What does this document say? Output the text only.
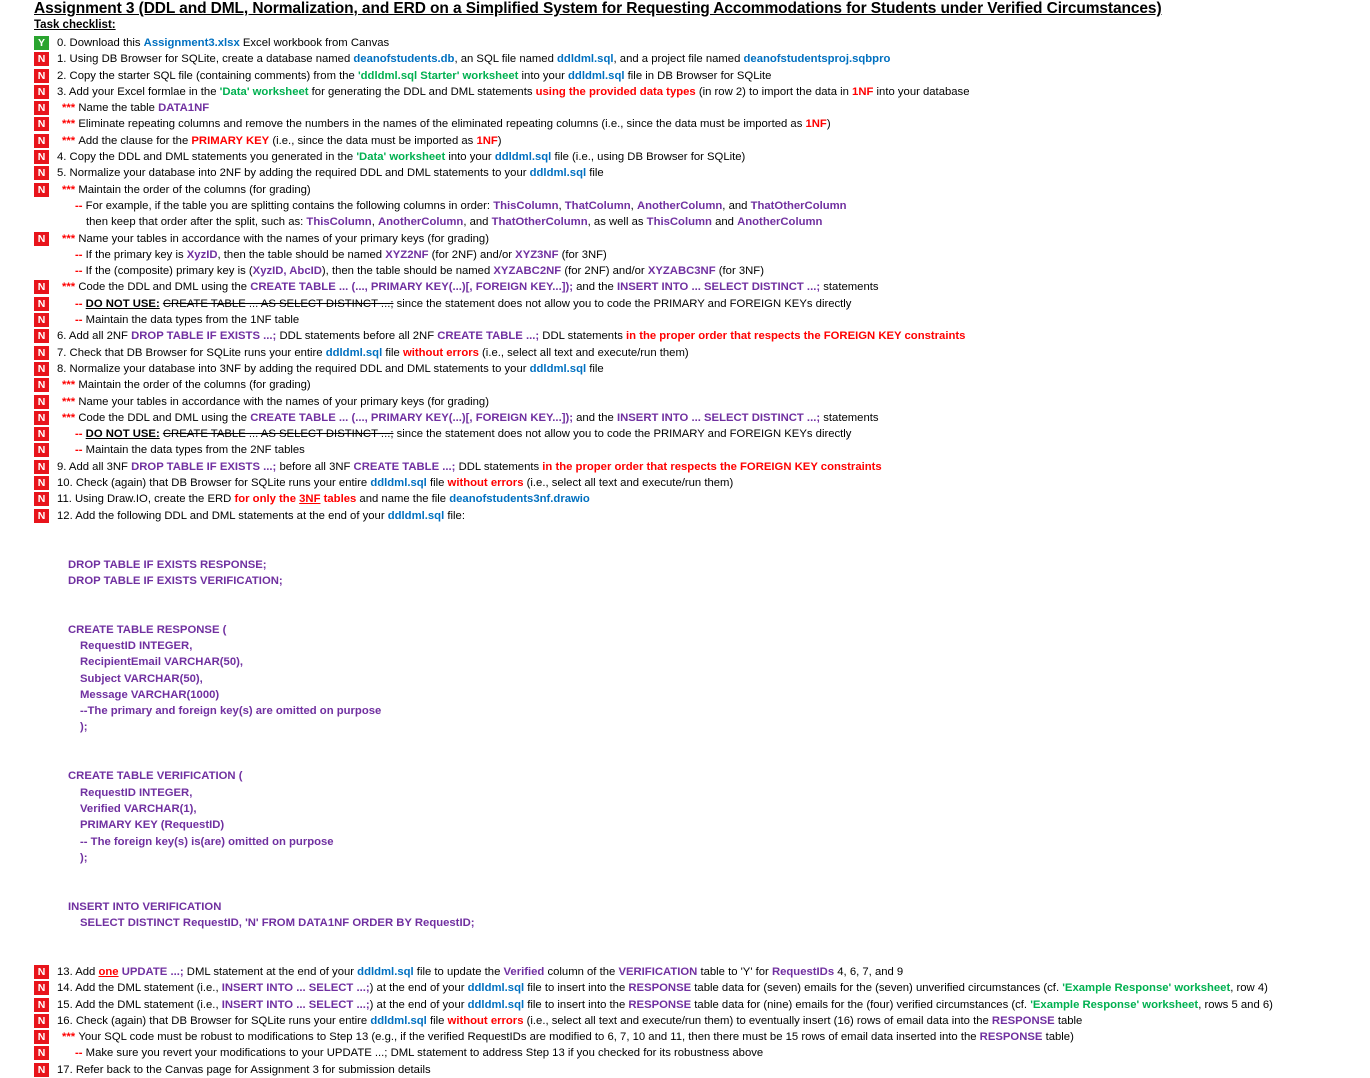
Assignment 3 (DDL and DML, Normalization, and ERD on a Simplified System for Requesting Accommodations for Students under Verified Circumstances)
Task checklist:
Y	0. Download this Assignment3.xlsx Excel workbook from Canvas
N	1. Using DB Browser for SQLite, create a database named deanofstudents.db, an SQL file named ddldml.sql, and a project file named deanofstudentsproj.sqbpro
N	2. Copy the starter SQL file (containing comments) from the 'ddldml.sql Starter' worksheet into your ddldml.sql file in DB Browser for SQLite
N	3. Add your Excel formlae in the 'Data' worksheet for generating the DDL and DML statements using the provided data types (in row 2) to import the data in 1NF into your database
N	*** Name the table DATA1NF
N	*** Eliminate repeating columns and remove the numbers in the names of the eliminated repeating columns (i.e., since the data must be imported as 1NF)
N	*** Add the clause for the PRIMARY KEY (i.e., since the data must be imported as 1NF)
N	4. Copy the DDL and DML statements you generated in the 'Data' worksheet into your ddldml.sql file (i.e., using DB Browser for SQLite)
N	5. Normalize your database into 2NF by adding the required DDL and DML statements to your ddldml.sql file
N	*** Maintain the order of the columns (for grading)
-- For example, if the table you are splitting contains the following columns in order: ThisColumn, ThatColumn, AnotherColumn, and ThatOtherColumn
then keep that order after the split, such as: ThisColumn, AnotherColumn, and ThatOtherColumn, as well as ThisColumn and AnotherColumn
N	*** Name your tables in accordance with the names of your primary keys (for grading)
-- If the primary key is XyzID, then the table should be named XYZ2NF (for 2NF) and/or XYZ3NF (for 3NF)
-- If the (composite) primary key is (XyzID, AbcID), then the table should be named XYZABC2NF (for 2NF) and/or XYZABC3NF (for 3NF)
N	*** Code the DDL and DML using the CREATE TABLE ... (..., PRIMARY KEY(...)[, FOREIGN KEY...]); and the INSERT INTO ... SELECT DISTINCT ...; statements
N	-- DO NOT USE: CREATE TABLE ... AS SELECT DISTINCT ...; since the statement does not allow you to code the PRIMARY and FOREIGN KEYs directly
N	-- Maintain the data types from the 1NF table
N	6. Add all 2NF DROP TABLE IF EXISTS ...; DDL statements before all 2NF CREATE TABLE ...; DDL statements in the proper order that respects the FOREIGN KEY constraints
N	7. Check that DB Browser for SQLite runs your entire ddldml.sql file without errors (i.e., select all text and execute/run them)
N	8. Normalize your database into 3NF by adding the required DDL and DML statements to your ddldml.sql file
N	*** Maintain the order of the columns (for grading)
N	*** Name your tables in accordance with the names of your primary keys (for grading)
N	*** Code the DDL and DML using the CREATE TABLE ... (..., PRIMARY KEY(...)[, FOREIGN KEY...]); and the INSERT INTO ... SELECT DISTINCT ...; statements
N	-- DO NOT USE: CREATE TABLE ... AS SELECT DISTINCT ...; since the statement does not allow you to code the PRIMARY and FOREIGN KEYs directly
N	-- Maintain the data types from the 2NF tables
N	9. Add all 3NF DROP TABLE IF EXISTS ...; before all 3NF CREATE TABLE ...; DDL statements in the proper order that respects the FOREIGN KEY constraints
N	10. Check (again) that DB Browser for SQLite runs your entire ddldml.sql file without errors (i.e., select all text and execute/run them)
N	11. Using Draw.IO, create the ERD for only the 3NF tables and name the file deanofstudents3nf.drawio
N	12. Add the following DDL and DML statements at the end of your ddldml.sql file:
DROP TABLE IF EXISTS RESPONSE;
DROP TABLE IF EXISTS VERIFICATION;
CREATE TABLE RESPONSE (
RequestID INTEGER,
RecipientEmail VARCHAR(50),
Subject VARCHAR(50),
Message VARCHAR(1000)
--The primary and foreign key(s) are omitted on purpose
);
CREATE TABLE VERIFICATION (
RequestID INTEGER,
Verified VARCHAR(1),
PRIMARY KEY (RequestID)
-- The foreign key(s) is(are) omitted on purpose
);
INSERT INTO VERIFICATION
SELECT DISTINCT RequestID, 'N' FROM DATA1NF ORDER BY RequestID;
N	13. Add one UPDATE ...; DML statement at the end of your ddldml.sql file to update the Verified column of the VERIFICATION table to 'Y' for RequestIDs 4, 6, 7, and 9
N	14. Add the DML statement (i.e., INSERT INTO ... SELECT ...;) at the end of your ddldml.sql file to insert into the RESPONSE table data for (seven) emails for the (seven) unverified circumstances (cf. 'Example Response' worksheet, row 4)
N	15. Add the DML statement (i.e., INSERT INTO ... SELECT ...;) at the end of your ddldml.sql file to insert into the RESPONSE table data for (nine) emails for the (four) verified circumstances (cf. 'Example Response' worksheet, rows 5 and 6)
N	16. Check (again) that DB Browser for SQLite runs your entire ddldml.sql file without errors (i.e., select all text and execute/run them) to eventually insert (16) rows of email data into the RESPONSE table
N	*** Your SQL code must be robust to modifications to Step 13 (e.g., if the verified RequestIDs are modified to 6, 7, 10 and 11, then there must be 15 rows of email data inserted into the RESPONSE table)
N	-- Make sure you revert your modifications to your UPDATE ...; DML statement to address Step 13 if you checked for its robustness above
N	17. Refer back to the Canvas page for Assignment 3 for submission details
